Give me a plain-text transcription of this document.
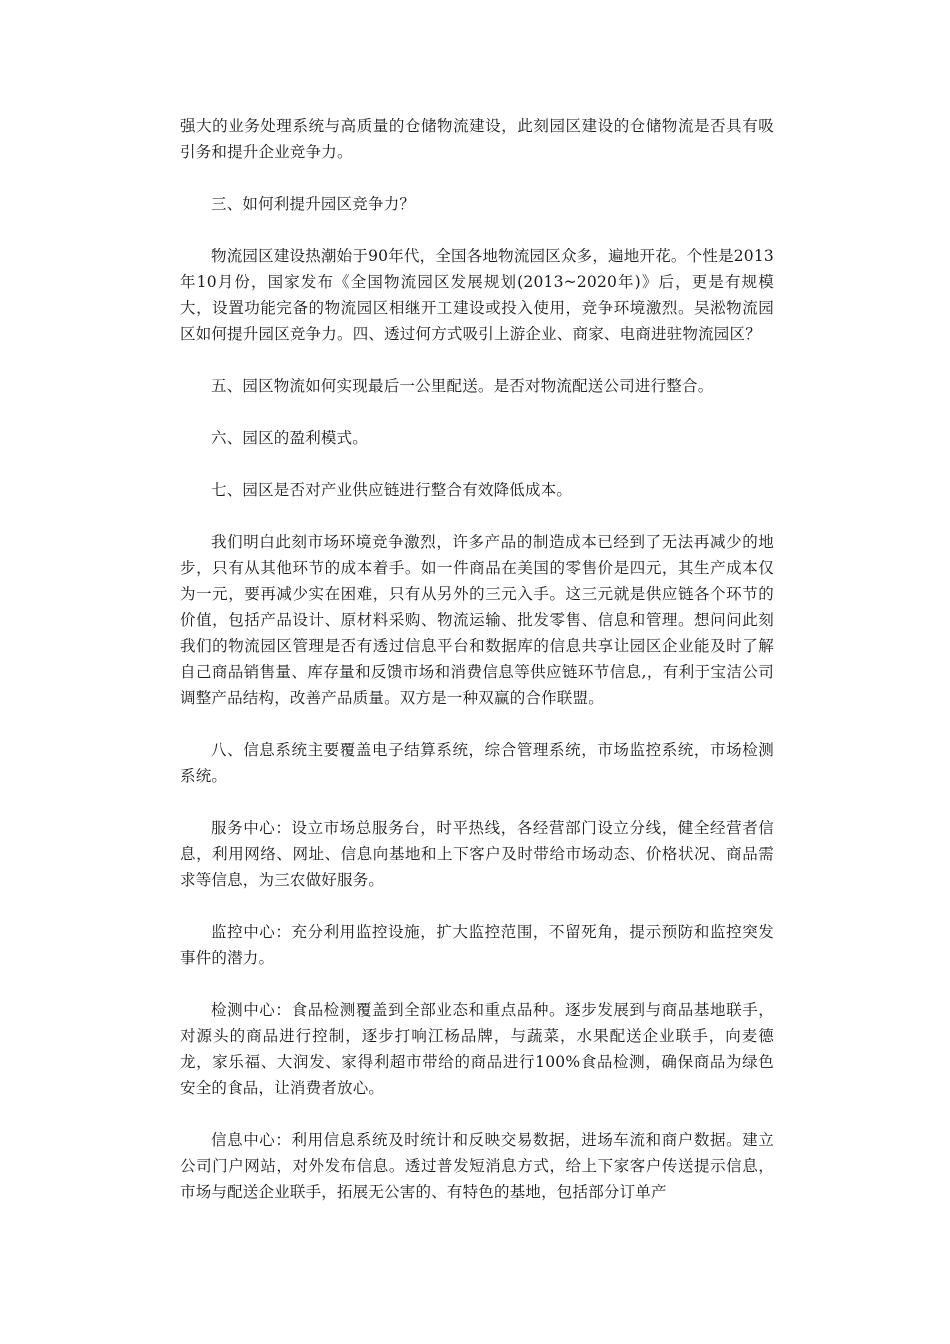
强大的业务处理系统与高质量的仓储物流建设，此刻园区建设的仓储物流是否具有吸引务和提升企业竞争力。

三、如何利提升园区竞争力？

物流园区建设热潮始于90年代，全国各地物流园区众多，遍地开花。个性是2013年10月份，国家发布《全国物流园区发展规划(2013~2020年)》后，更是有规模大，设置功能完备的物流园区相继开工建设或投入使用，竞争环境激烈。吴淞物流园区如何提升园区竞争力。四、透过何方式吸引上游企业、商家、电商进驻物流园区？

五、园区物流如何实现最后一公里配送。是否对物流配送公司进行整合。

六、园区的盈利模式。

七、园区是否对产业供应链进行整合有效降低成本。

我们明白此刻市场环境竞争激烈，许多产品的制造成本已经到了无法再减少的地步，只有从其他环节的成本着手。如一件商品在美国的零售价是四元，其生产成本仅为一元，要再减少实在困难，只有从另外的三元入手。这三元就是供应链各个环节的价值，包括产品设计、原材料采购、物流运输、批发零售、信息和管理。想问问此刻我们的物流园区管理是否有透过信息平台和数据库的信息共享让园区企业能及时了解自己商品销售量、库存量和反馈市场和消费信息等供应链环节信息,，有利于宝洁公司调整产品结构，改善产品质量。双方是一种双赢的合作联盟。

八、信息系统主要覆盖电子结算系统，综合管理系统，市场监控系统，市场检测系统。

服务中心：设立市场总服务台，时平热线，各经营部门设立分线，健全经营者信息，利用网络、网址、信息向基地和上下客户及时带给市场动态、价格状况、商品需求等信息，为三农做好服务。

监控中心：充分利用监控设施，扩大监控范围，不留死角，提示预防和监控突发事件的潜力。

检测中心：食品检测覆盖到全部业态和重点品种。逐步发展到与商品基地联手，对源头的商品进行控制，逐步打响江杨品牌，与蔬菜，水果配送企业联手，向麦德龙，家乐福、大润发、家得利超市带给的商品进行100%食品检测，确保商品为绿色安全的食品，让消费者放心。

信息中心：利用信息系统及时统计和反映交易数据，进场车流和商户数据。建立公司门户网站，对外发布信息。透过普发短消息方式，给上下家客户传送提示信息，市场与配送企业联手，拓展无公害的、有特色的基地，包括部分订单产
